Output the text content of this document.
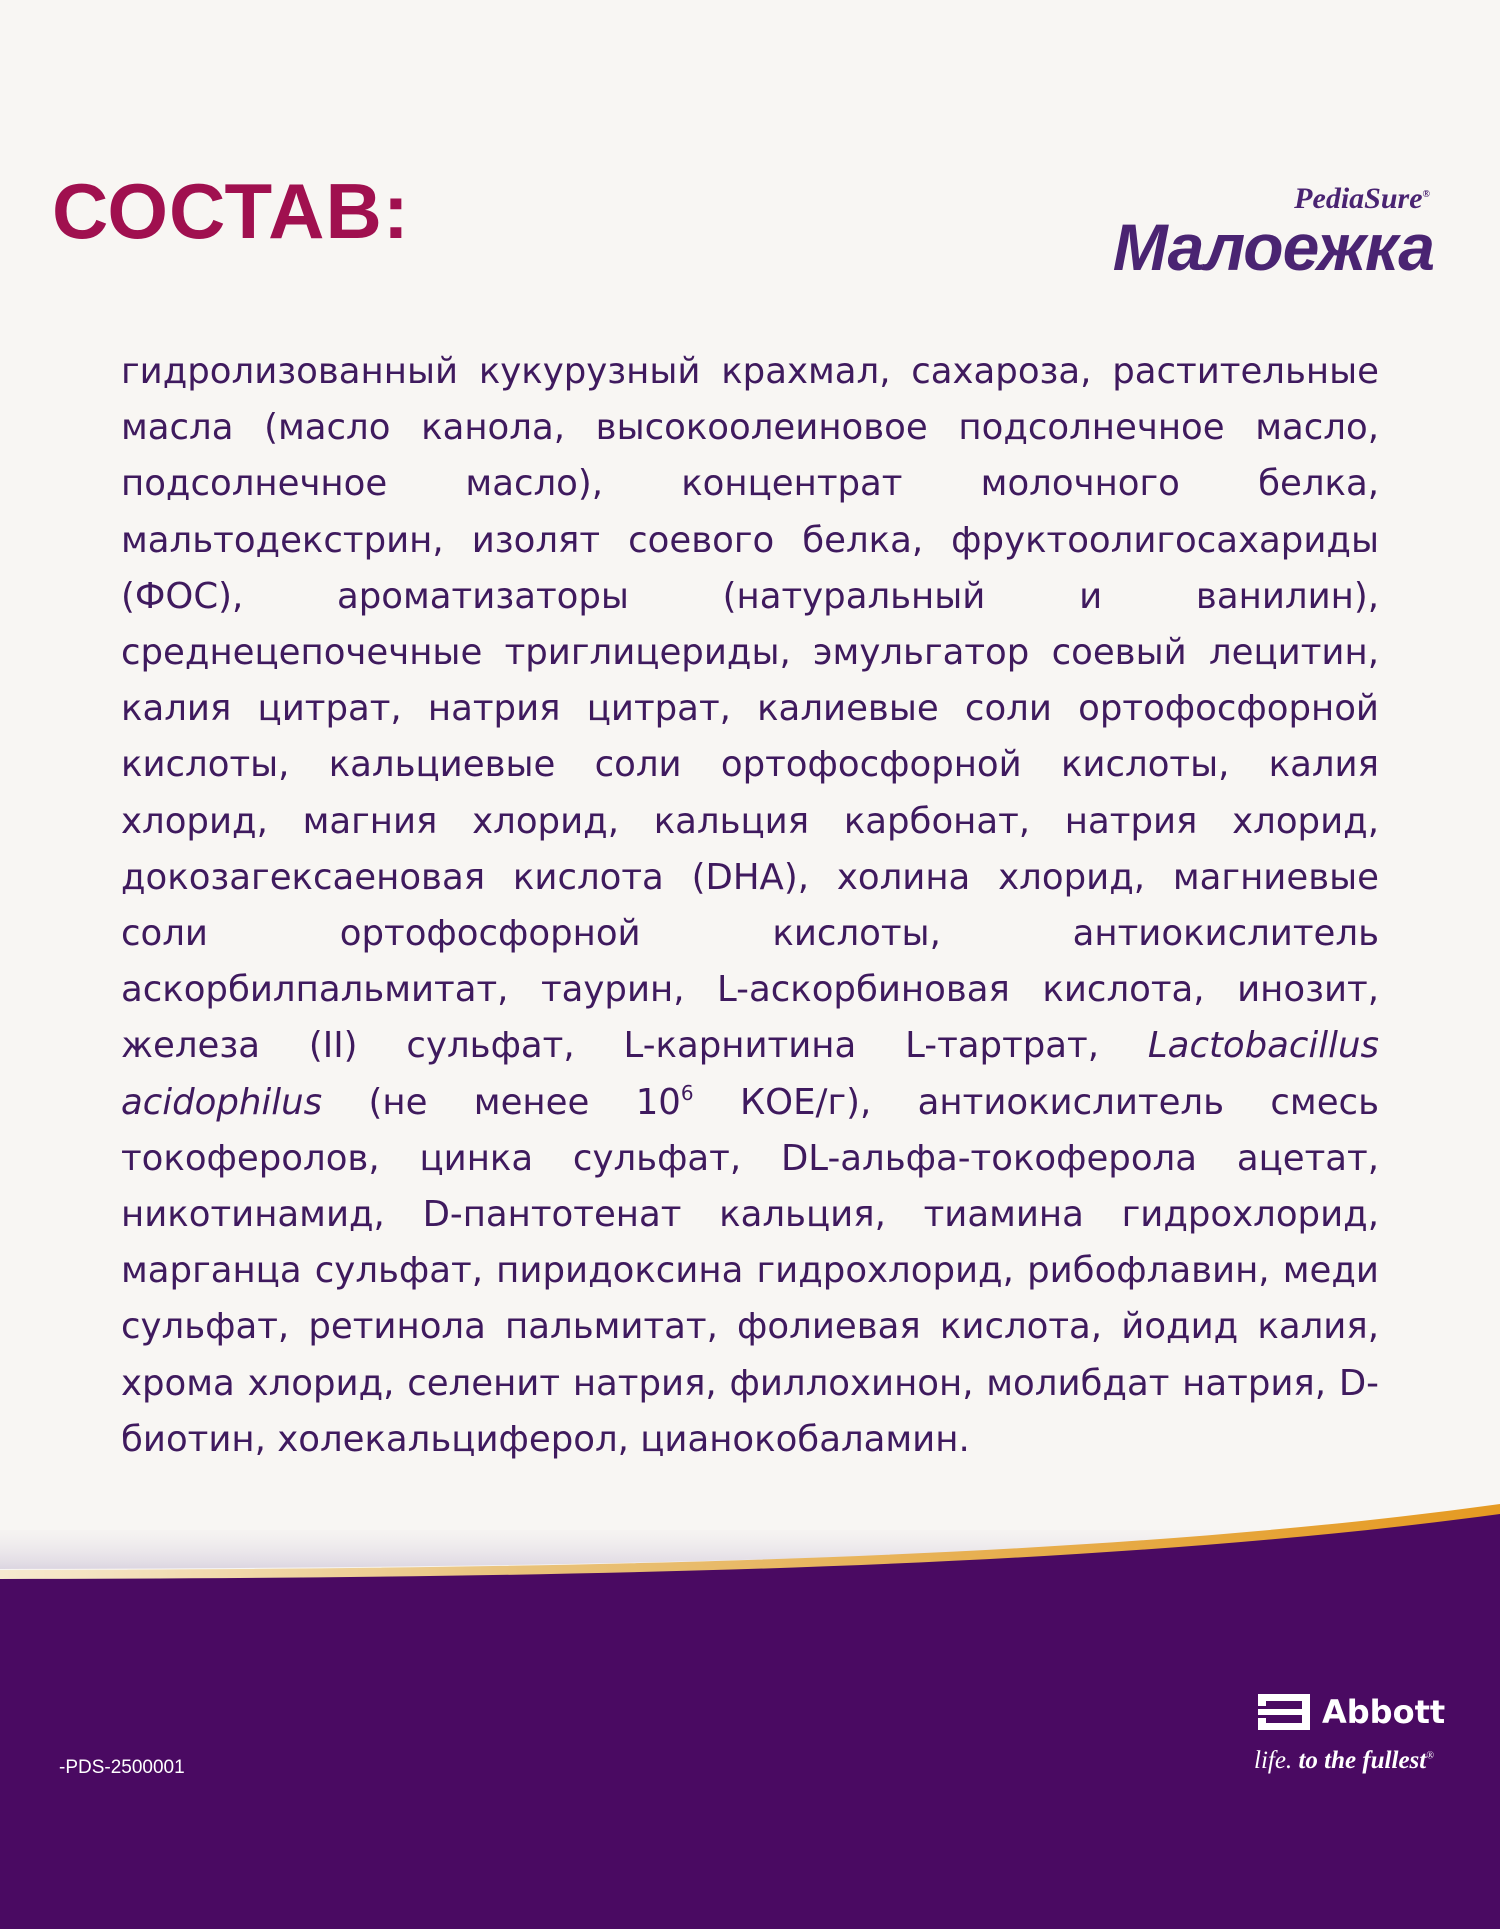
СОСТАВ:	PediaSure®
Малоежка

гидролизованный кукурузный крахмал, сахароза, растительные масла (масло канола, высокоолеиновое подсолнечное масло, подсолнечное масло), концентрат молочного белка, мальтодекстрин, изолят соевого белка, фруктоолигосахариды (ФОС), ароматизаторы (натуральный и ванилин), среднецепочечные триглицериды, эмульгатор соевый лецитин, калия цитрат, натрия цитрат, калиевые соли ортофосфорной кислоты, кальциевые соли ортофосфорной кислоты, калия хлорид, магния хлорид, кальция карбонат, натрия хлорид, докозагексаеновая кислота (DHA), холина хлорид, магниевые соли ортофосфорной кислоты, антиокислитель аскорбилпальмитат, таурин, L-аскорбиновая кислота, инозит, железа (II) сульфат, L-карнитина L-тартрат, Lactobacillus acidophilus (не менее $10^6$ КОЕ/г), антиокислитель смесь токоферолов, цинка сульфат, DL-альфа-токоферола ацетат, никотинамид, D-пантотенат кальция, тиамина гидрохлорид, марганца сульфат, пиридоксина гидрохлорид, рибофлавин, меди сульфат, ретинола пальмитат, фолиевая кислота, йодид калия, хрома хлорид, селенит натрия, филлохинон, молибдат натрия, D-биотин, холекальциферол, цианокобаламин.

-PDS-2500001
Abbott
life. to the fullest®
